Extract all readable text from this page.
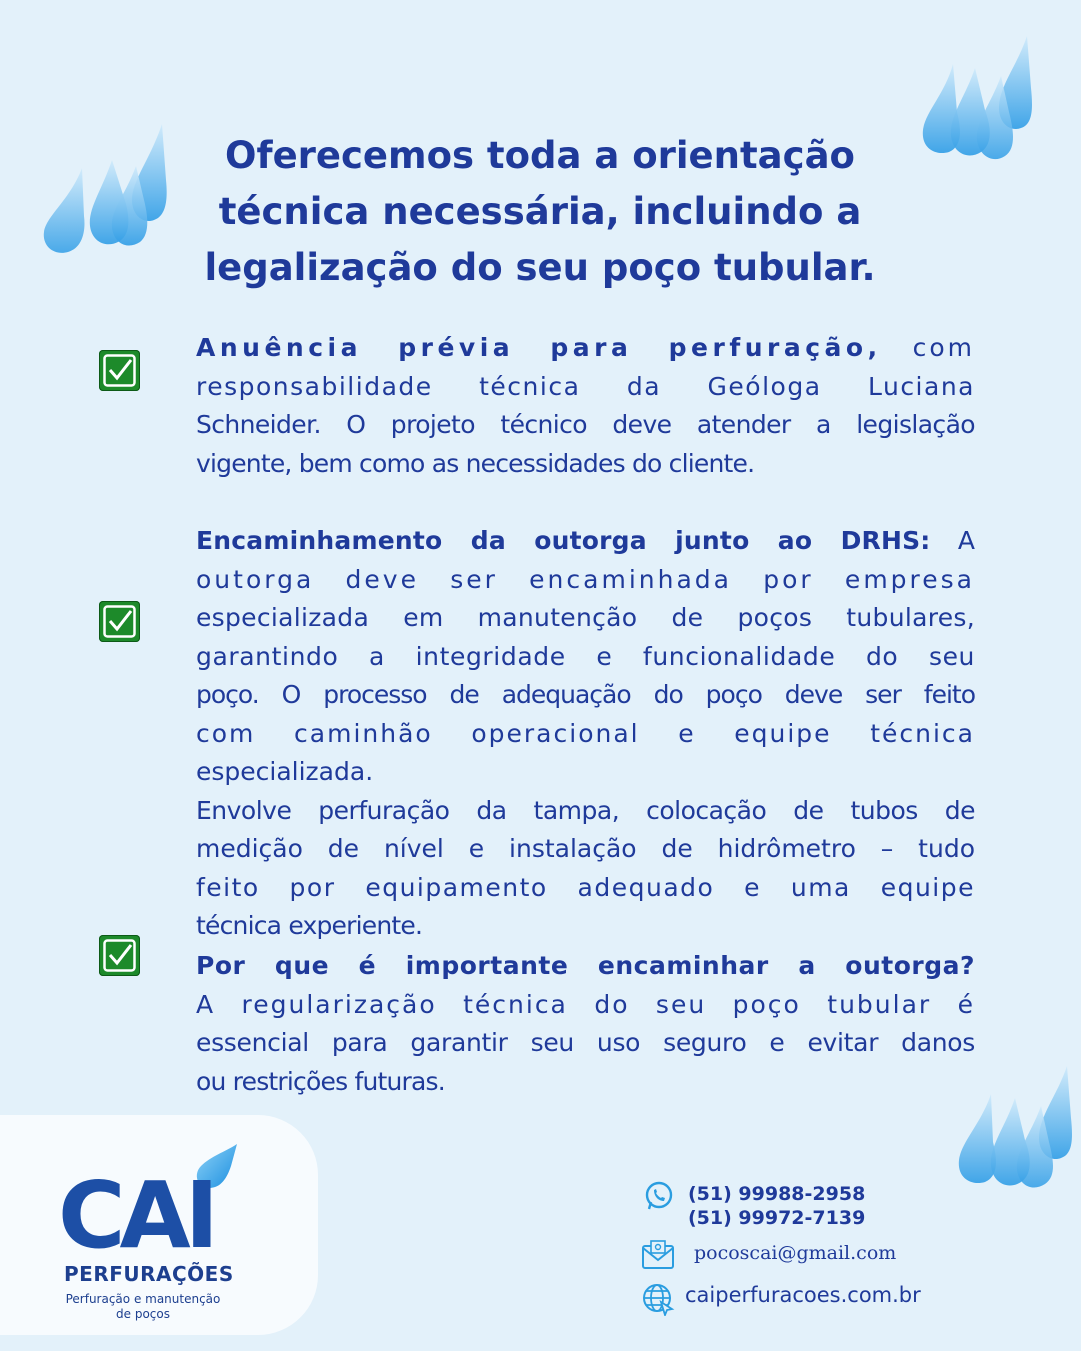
Oferecemos toda a orientação
técnica necessária, incluindo a
legalização do seu poço tubular.
Anuência prévia para perfuração, com
responsabilidade técnica da Geóloga Luciana
Schneider. O projeto técnico deve atender a legislação
vigente, bem como as necessidades do cliente.
Encaminhamento da outorga junto ao DRHS: A
outorga deve ser encaminhada por empresa
especializada em manutenção de poços tubulares,
garantindo a integridade e funcionalidade do seu
poço. O processo de adequação do poço deve ser feito
com caminhão operacional e equipe técnica
especializada.
Envolve perfuração da tampa, colocação de tubos de
medição de nível e instalação de hidrômetro – tudo
feito por equipamento adequado e uma equipe
técnica experiente.
Por que é importante encaminhar a outorga?
A regularização técnica do seu poço tubular é
essencial para garantir seu uso seguro e evitar danos
ou restrições futuras.
CAI
PERFURAÇÕES
Perfuração e manutenção
de poços
(51) 99988-2958
(51) 99972-7139
pocoscai@gmail.com
caiperfuracoes.com.br
